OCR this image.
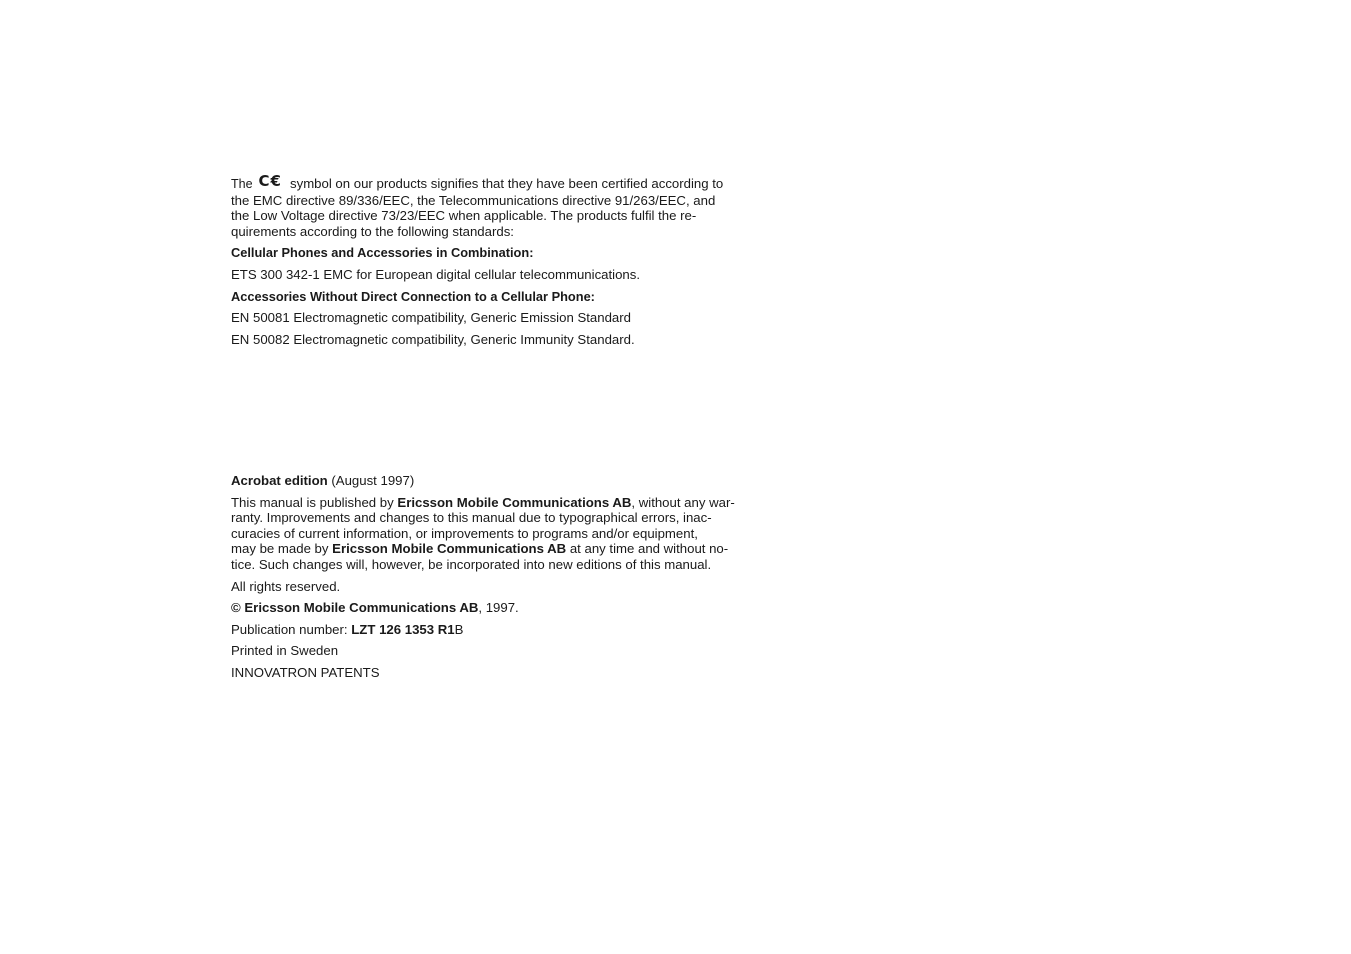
The C€ symbol on our products signifies that they have been certified according to
the EMC directive 89/336/EEC, the Telecommunications directive 91/263/EEC, and
the Low Voltage directive 73/23/EEC when applicable. The products fulfil the re-
quirements according to the following standards:

Cellular Phones and Accessories in Combination:

ETS 300 342-1 EMC for European digital cellular telecommunications.

Accessories Without Direct Connection to a Cellular Phone:

EN 50081 Electromagnetic compatibility, Generic Emission Standard

EN 50082 Electromagnetic compatibility, Generic Immunity Standard.

Acrobat edition (August 1997)

This manual is published by Ericsson Mobile Communications AB, without any war-
ranty. Improvements and changes to this manual due to typographical errors, inac-
curacies of current information, or improvements to programs and/or equipment,
may be made by Ericsson Mobile Communications AB at any time and without no-
tice. Such changes will, however, be incorporated into new editions of this manual.

All rights reserved.

© Ericsson Mobile Communications AB, 1997.

Publication number: LZT 126 1353 R1B

Printed in Sweden

INNOVATRON PATENTS
